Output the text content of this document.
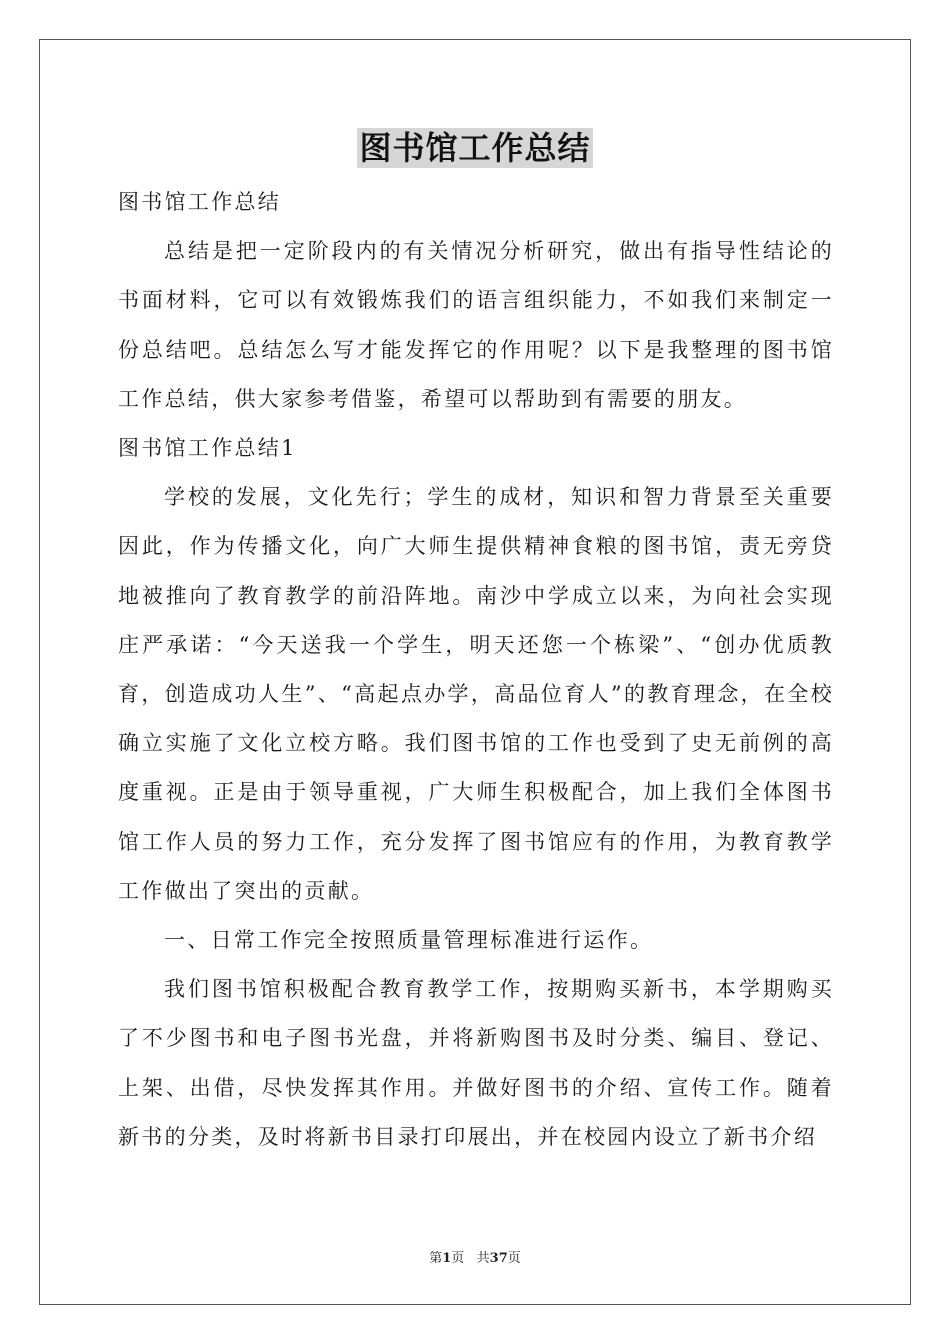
图书馆工作总结

图书馆工作总结

总结是把一定阶段内的有关情况分析研究，做出有指导性结论的书面材料，它可以有效锻炼我们的语言组织能力，不如我们来制定一份总结吧。总结怎么写才能发挥它的作用呢？以下是我整理的图书馆工作总结，供大家参考借鉴，希望可以帮助到有需要的朋友。

图书馆工作总结1

学校的发展，文化先行；学生的成材，知识和智力背景至关重要因此，作为传播文化，向广大师生提供精神食粮的图书馆，责无旁贷地被推向了教育教学的前沿阵地。南沙中学成立以来，为向社会实现庄严承诺：“今天送我一个学生，明天还您一个栋梁”、“创办优质教育，创造成功人生”、“高起点办学，高品位育人”的教育理念，在全校确立实施了文化立校方略。我们图书馆的工作也受到了史无前例的高度重视。正是由于领导重视，广大师生积极配合，加上我们全体图书馆工作人员的努力工作，充分发挥了图书馆应有的作用，为教育教学工作做出了突出的贡献。

一、日常工作完全按照质量管理标准进行运作。

我们图书馆积极配合教育教学工作，按期购买新书，本学期购买了不少图书和电子图书光盘，并将新购图书及时分类、编目、登记、上架、出借，尽快发挥其作用。并做好图书的介绍、宣传工作。随着新书的分类，及时将新书目录打印展出，并在校园内设立了新书介绍

第1页   共37页
